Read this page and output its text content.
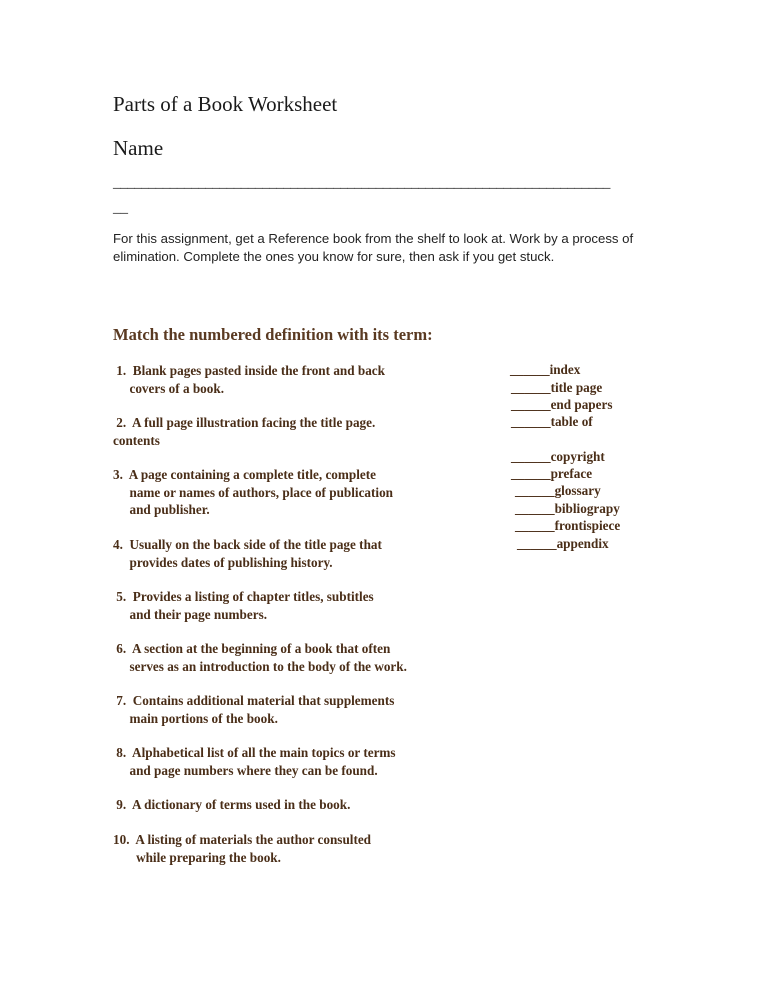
Parts of a Book Worksheet
Name
______________________________________________________________________
__
For this assignment, get a Reference book from the shelf to look at. Work by a process of
elimination. Complete the ones you know for sure, then ask if you get stuck.
Match the numbered definition with its term:
1.  Blank pages pasted inside the front and back
covers of a book.
2.  A full page illustration facing the title page.
contents
3.  A page containing a complete title, complete
name or names of authors, place of publication
and publisher.
4.  Usually on the back side of the title page that
provides dates of publishing history.
5.  Provides a listing of chapter titles, subtitles
and their page numbers.
6.  A section at the beginning of a book that often
serves as an introduction to the body of the work.
7.  Contains additional material that supplements
main portions of the book.
8.  Alphabetical list of all the main topics or terms
and page numbers where they can be found.
9.  A dictionary of terms used in the book.
10.  A listing of materials the author consulted
while preparing the book.
______index
______title page
______end papers
______table of
______copyright
______preface
______glossary
______bibliograpy
______frontispiece
______appendix
